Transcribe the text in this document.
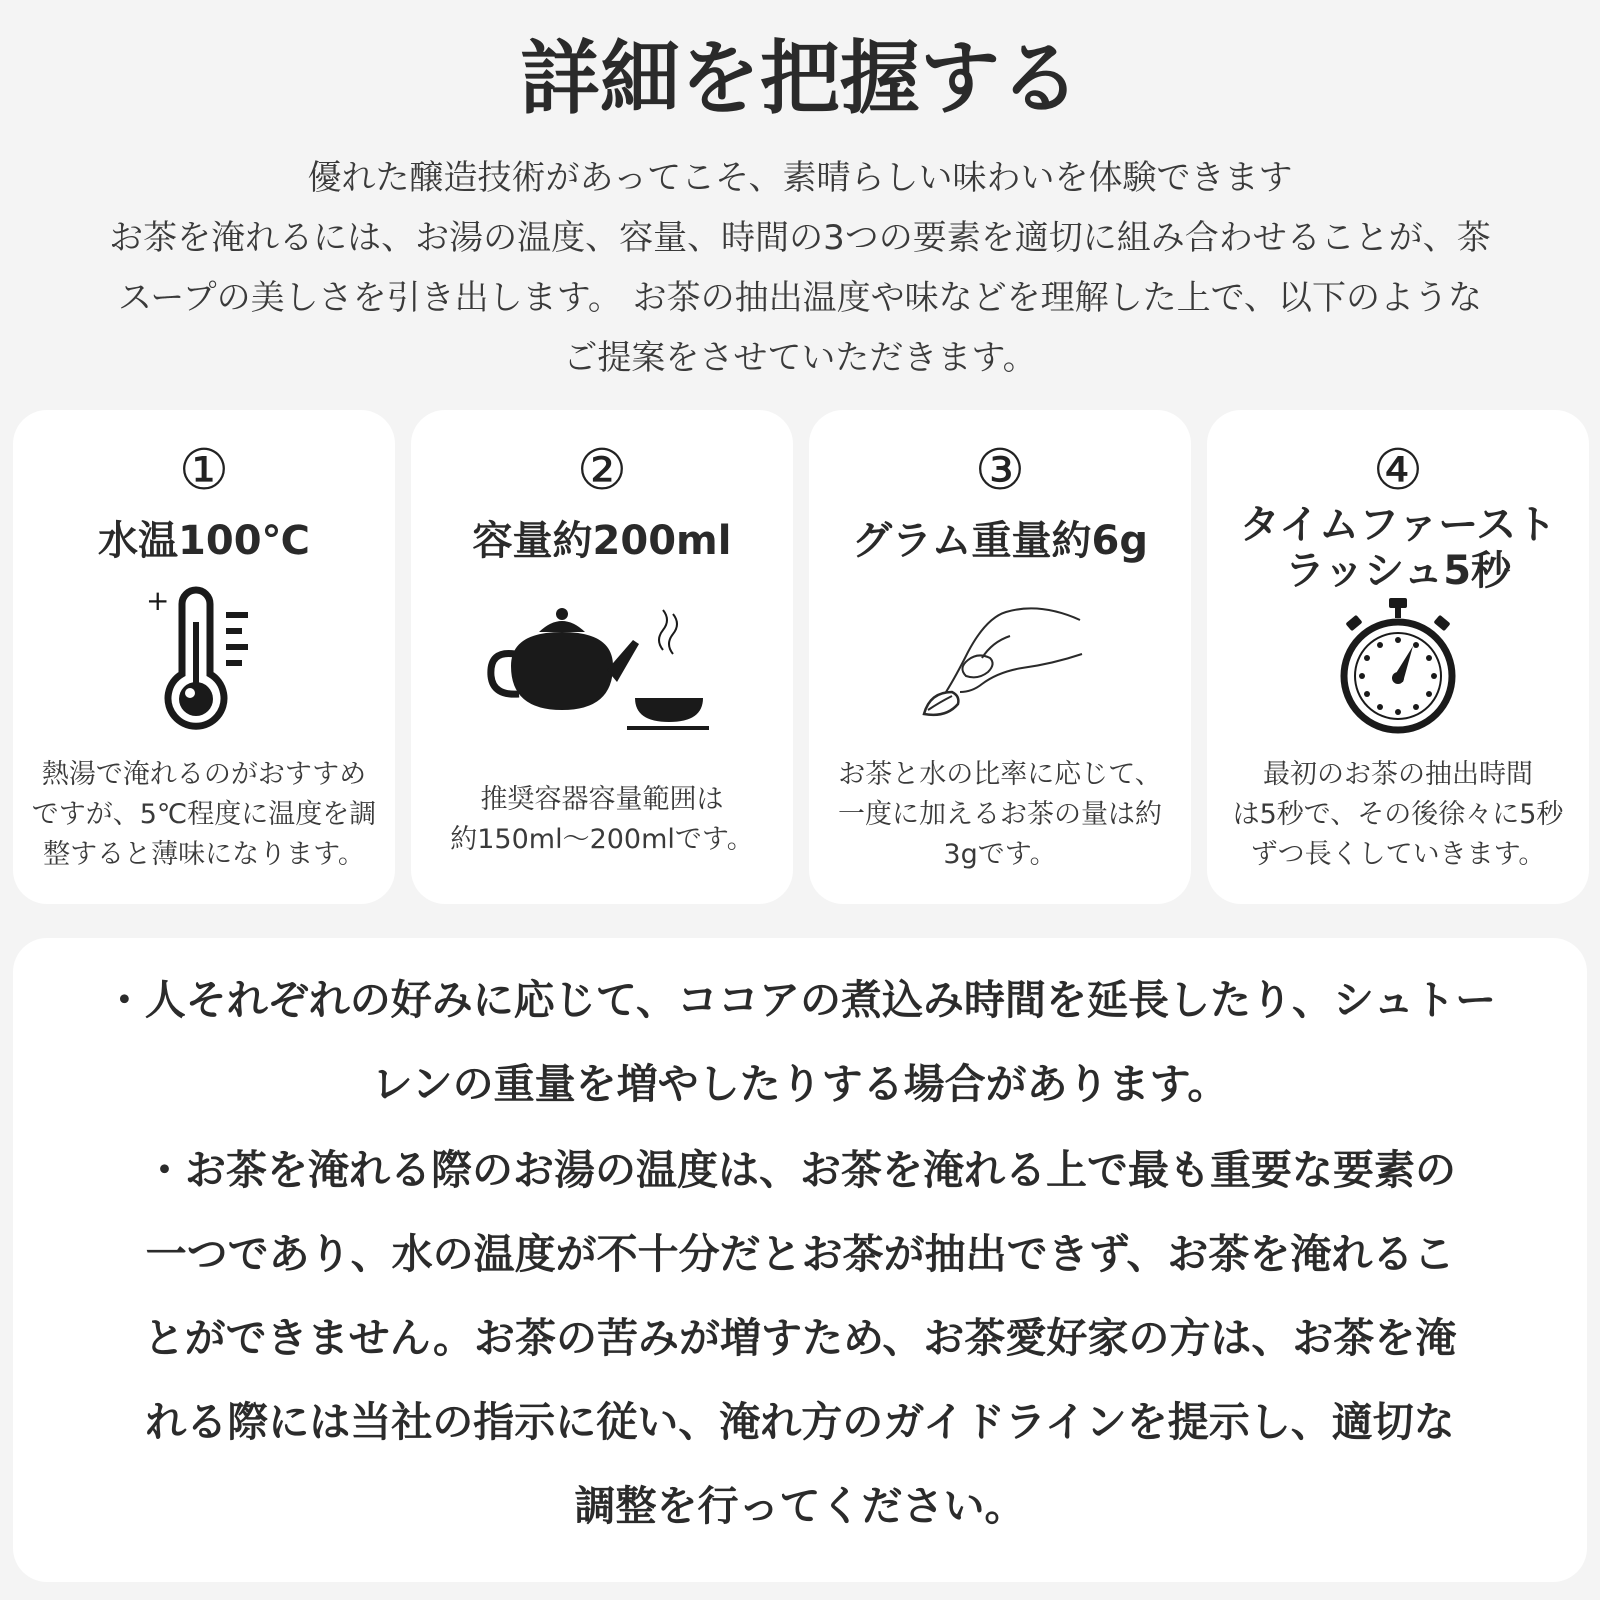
詳細を把握する
優れた醸造技術があってこそ、素晴らしい味わいを体験できます
お茶を淹れるには、お湯の温度、容量、時間の3つの要素を適切に組み合わせることが、茶
スープの美しさを引き出します。 お茶の抽出温度や味などを理解した上で、以下のような
ご提案をさせていただきます。
①
水温100℃
+
熱湯で淹れるのがおすすめ
ですが、5℃程度に温度を調
整すると薄味になります。
②
容量約200ml
推奨容器容量範囲は
約150ml～200mlです。
③
グラム重量約6g
お茶と水の比率に応じて、
一度に加えるお茶の量は約
3gです。
④
タイムファースト
ラッシュ5秒
最初のお茶の抽出時間
は5秒で、その後徐々に5秒
ずつ長くしていきます。
・人それぞれの好みに応じて、ココアの煮込み時間を延長したり、シュトー
レンの重量を増やしたりする場合があります。
・お茶を淹れる際のお湯の温度は、お茶を淹れる上で最も重要な要素の
一つであり、水の温度が不十分だとお茶が抽出できず、お茶を淹れるこ
とができません。お茶の苦みが増すため、お茶愛好家の方は、お茶を淹
れる際には当社の指示に従い、淹れ方のガイドラインを提示し、適切な
調整を行ってください。
